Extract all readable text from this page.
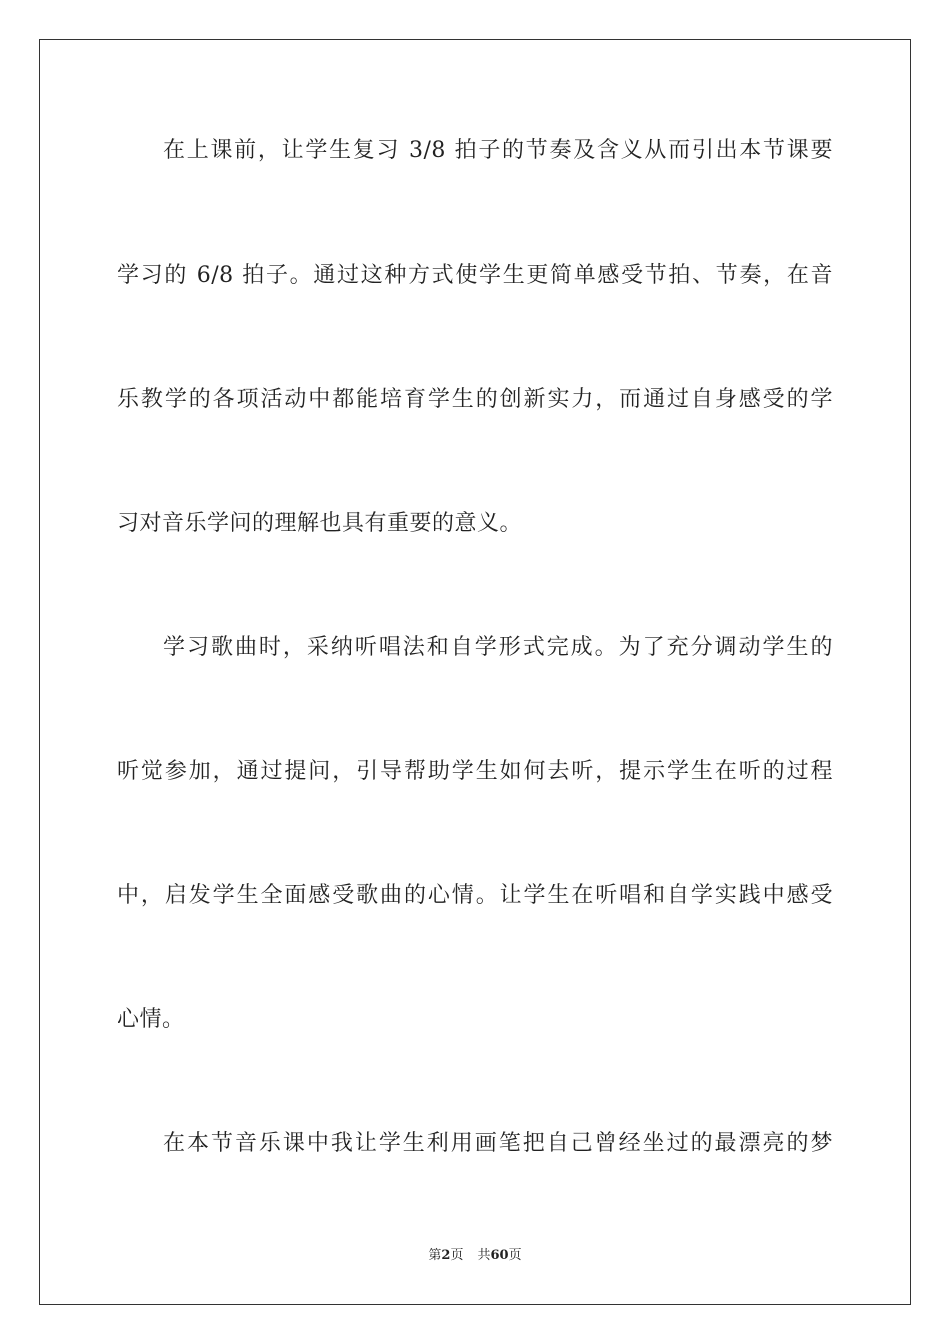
在上课前，让学生复习 3/8 拍子的节奏及含义从而引出本节课要
学习的 6/8 拍子。通过这种方式使学生更简单感受节拍、节奏，在音
乐教学的各项活动中都能培育学生的创新实力，而通过自身感受的学
习对音乐学问的理解也具有重要的意义。
学习歌曲时，采纳听唱法和自学形式完成。为了充分调动学生的
听觉参加，通过提问，引导帮助学生如何去听，提示学生在听的过程
中，启发学生全面感受歌曲的心情。让学生在听唱和自学实践中感受
心情。
在本节音乐课中我让学生利用画笔把自己曾经坐过的最漂亮的梦
第2页 共60页
